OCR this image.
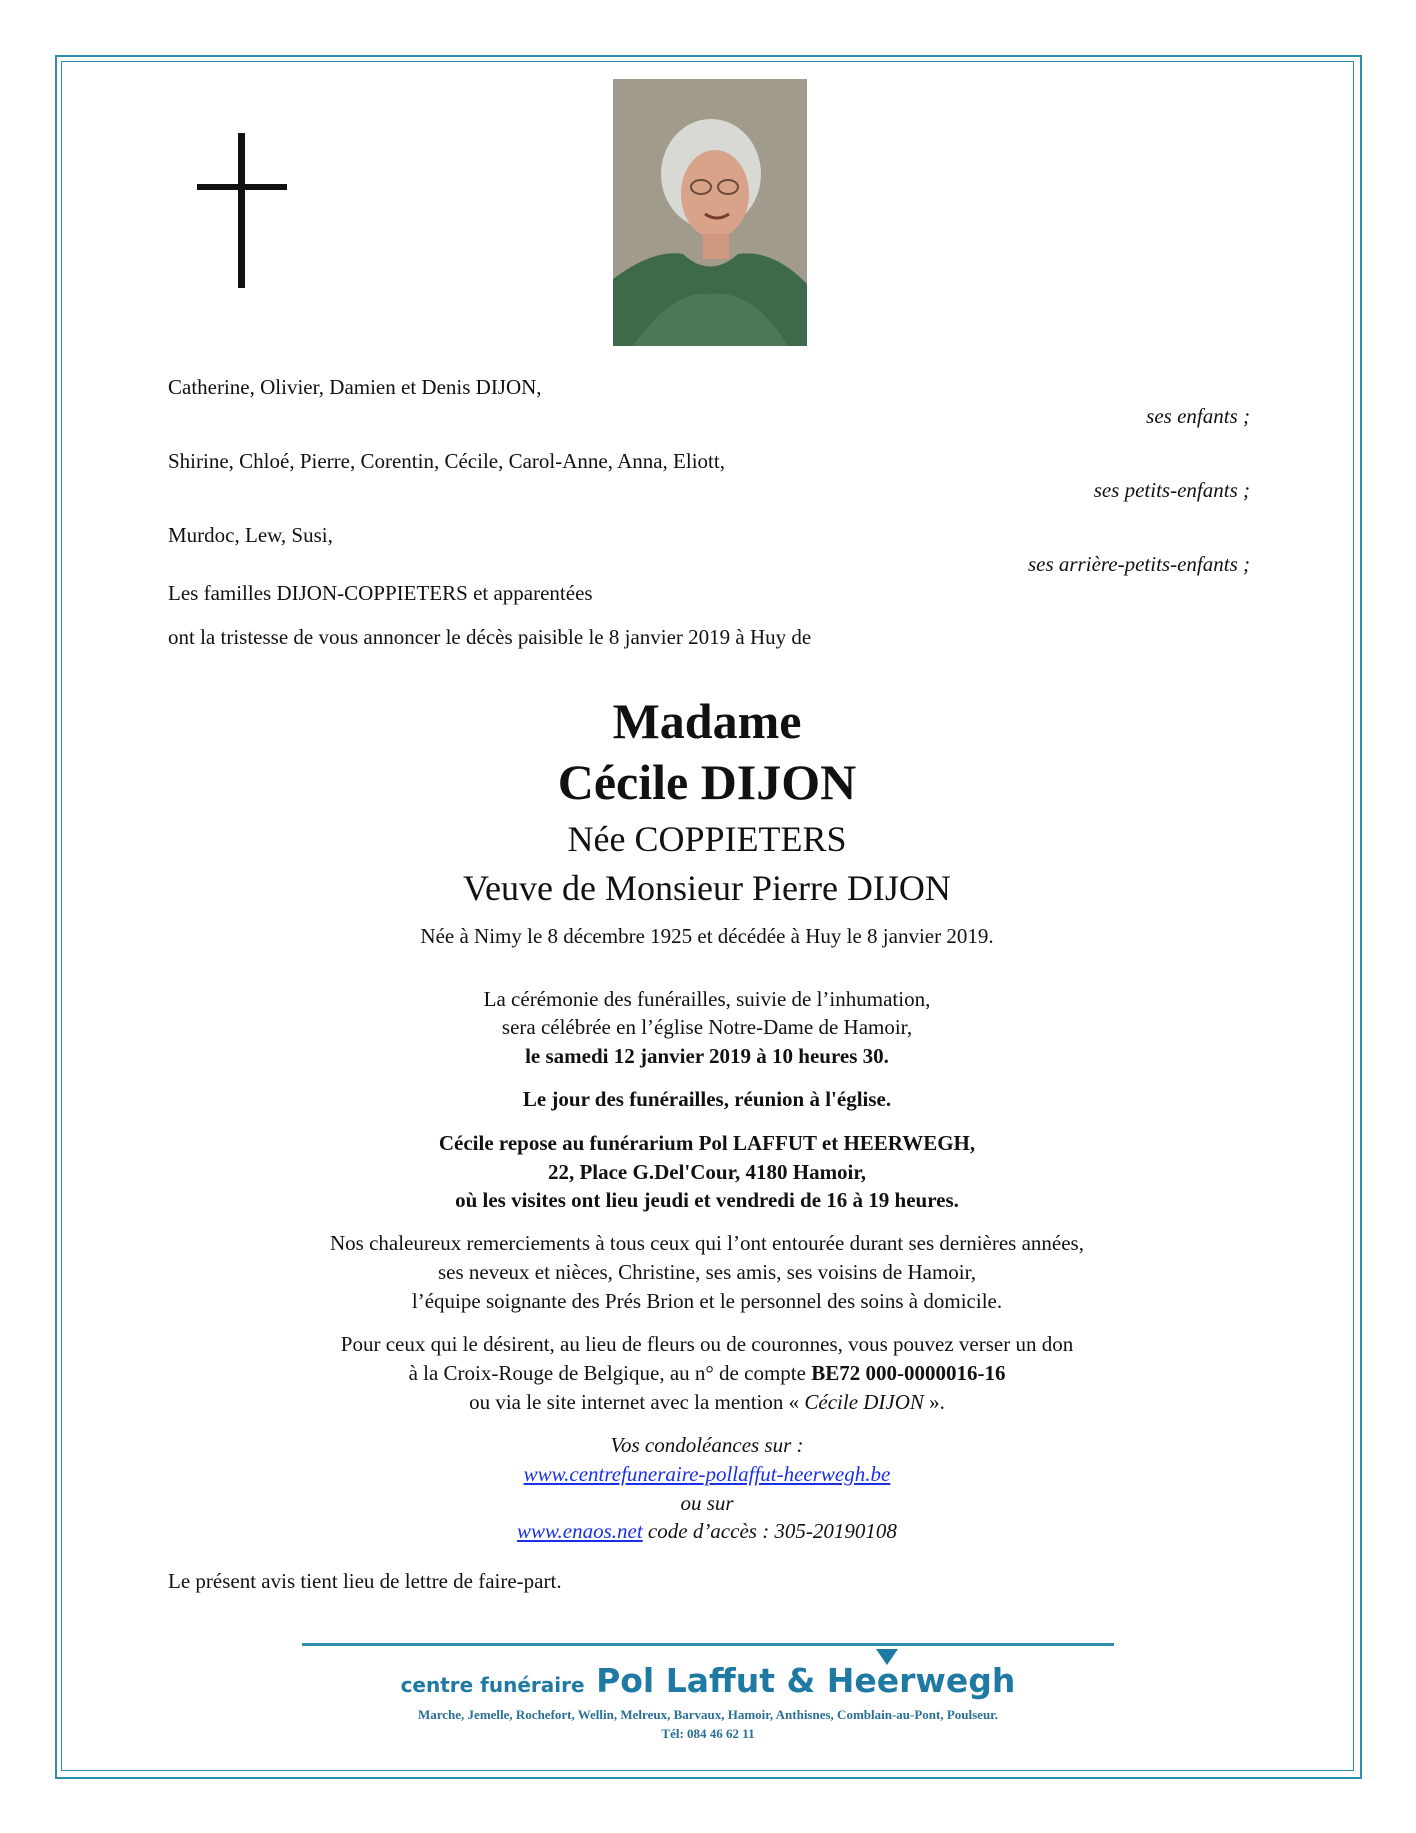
Catherine, Olivier, Damien et Denis DIJON,
ses enfants ;
Shirine, Chloé, Pierre, Corentin, Cécile, Carol-Anne, Anna, Eliott,
ses petits-enfants ;
Murdoc, Lew, Susi,
ses arrière-petits-enfants ;
Les familles DIJON-COPPIETERS et apparentées
ont la tristesse de vous annoncer le décès paisible le 8 janvier 2019 à Huy de
Madame
Cécile DIJON
Née COPPIETERS
Veuve de Monsieur Pierre DIJON
Née à Nimy le 8 décembre 1925 et décédée à Huy le 8 janvier 2019.
La cérémonie des funérailles, suivie de l’inhumation,
sera célébrée en l’église Notre-Dame de Hamoir,
le samedi 12 janvier 2019 à 10 heures 30.
Le jour des funérailles, réunion à l'église.
Cécile repose au funérarium Pol LAFFUT et HEERWEGH,
22, Place G.Del'Cour, 4180 Hamoir,
où les visites ont lieu jeudi et vendredi de 16 à 19 heures.
Nos chaleureux remerciements à tous ceux qui l’ont entourée durant ses dernières années,
ses neveux et nièces, Christine, ses amis, ses voisins de Hamoir,
l’équipe soignante des Prés Brion et le personnel des soins à domicile.
Pour ceux qui le désirent, au lieu de fleurs ou de couronnes, vous pouvez verser un don
à la Croix-Rouge de Belgique, au n° de compte BE72 000-0000016-16
ou via le site internet avec la mention « Cécile DIJON ».
Vos condoléances sur :
www.centrefuneraire-pollaffut-heerwegh.be
ou sur
www.enaos.net code d’accès : 305-20190108
Le présent avis tient lieu de lettre de faire-part.
centre funéraire Pol Laffut & Heerwegh
Marche, Jemelle, Rochefort, Wellin, Melreux, Barvaux, Hamoir, Anthisnes, Comblain-au-Pont, Poulseur.
Tél: 084 46 62 11
